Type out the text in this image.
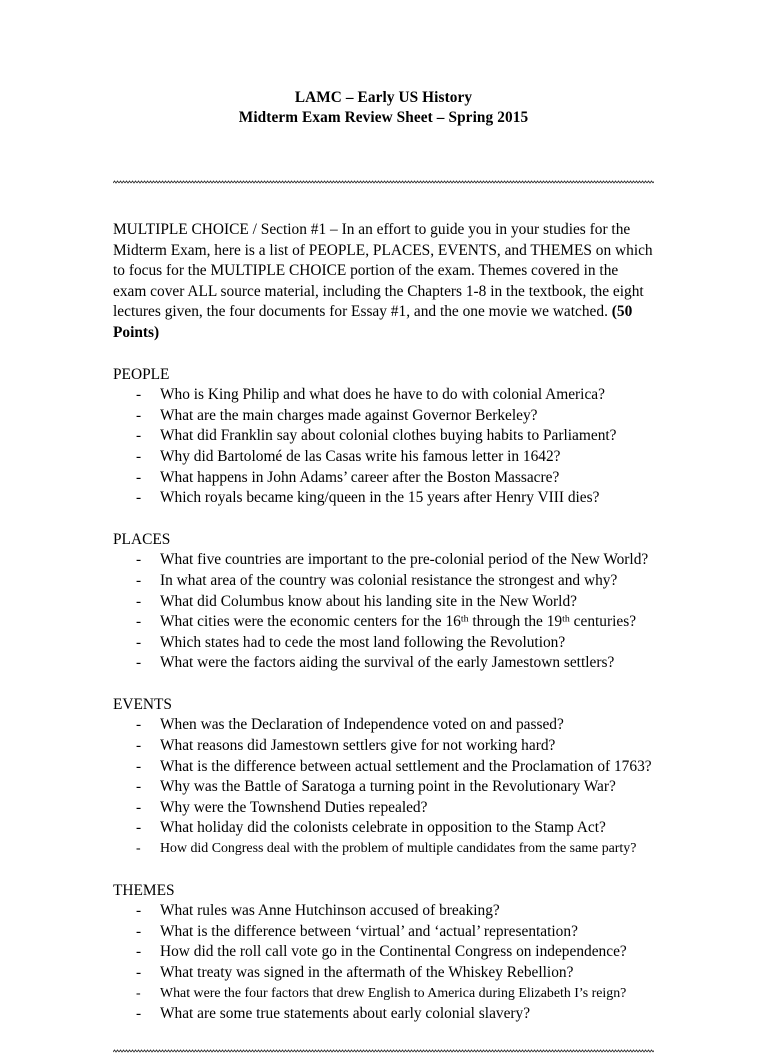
LAMC – Early US History
Midterm Exam Review Sheet – Spring 2015

MULTIPLE CHOICE / Section #1 – In an effort to guide you in your studies for the Midterm Exam, here is a list of PEOPLE, PLACES, EVENTS, and THEMES on which to focus for the MULTIPLE CHOICE portion of the exam. Themes covered in the exam cover ALL source material, including the Chapters 1-8 in the textbook, the eight lectures given, the four documents for Essay #1, and the one movie we watched. (50 Points)

PEOPLE
- Who is King Philip and what does he have to do with colonial America?
- What are the main charges made against Governor Berkeley?
- What did Franklin say about colonial clothes buying habits to Parliament?
- Why did Bartolomé de las Casas write his famous letter in 1642?
- What happens in John Adams’ career after the Boston Massacre?
- Which royals became king/queen in the 15 years after Henry VIII dies?
PLACES
- What five countries are important to the pre-colonial period of the New World?
- In what area of the country was colonial resistance the strongest and why?
- What did Columbus know about his landing site in the New World?
- What cities were the economic centers for the 16th through the 19th centuries?
- Which states had to cede the most land following the Revolution?
- What were the factors aiding the survival of the early Jamestown settlers?
EVENTS
- When was the Declaration of Independence voted on and passed?
- What reasons did Jamestown settlers give for not working hard?
- What is the difference between actual settlement and the Proclamation of 1763?
- Why was the Battle of Saratoga a turning point in the Revolutionary War?
- Why were the Townshend Duties repealed?
- What holiday did the colonists celebrate in opposition to the Stamp Act?
- How did Congress deal with the problem of multiple candidates from the same party?
THEMES
- What rules was Anne Hutchinson accused of breaking?
- What is the difference between ‘virtual’ and ‘actual’ representation?
- How did the roll call vote go in the Continental Congress on independence?
- What treaty was signed in the aftermath of the Whiskey Rebellion?
- What were the four factors that drew English to America during Elizabeth I’s reign?
- What are some true statements about early colonial slavery?
